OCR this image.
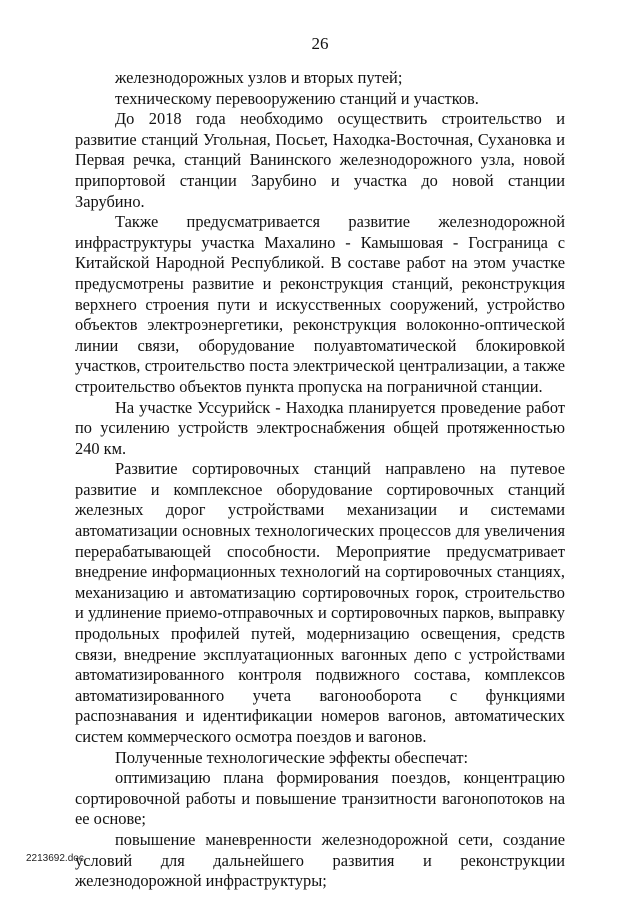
26

железнодорожных узлов и вторых путей;

техническому перевооружению станций и участков.

До 2018 года необходимо осуществить строительство и развитие станций Угольная, Посьет, Находка-Восточная, Сухановка и Первая речка, станций Ванинского железнодорожного узла, новой припортовой станции Зарубино и участка до новой станции Зарубино.

Также предусматривается развитие железнодорожной инфраструктуры участка Махалино - Камышовая - Госграница с Китайской Народной Республикой. В составе работ на этом участке предусмотрены развитие и реконструкция станций, реконструкция верхнего строения пути и искусственных сооружений, устройство объектов электроэнергетики, реконструкция волоконно-оптической линии связи, оборудование полуавтоматической блокировкой участков, строительство поста электрической централизации, а также строительство объектов пункта пропуска на пограничной станции.

На участке Уссурийск - Находка планируется проведение работ по усилению устройств электроснабжения общей протяженностью 240 км.

Развитие сортировочных станций направлено на путевое развитие и комплексное оборудование сортировочных станций железных дорог устройствами механизации и системами автоматизации основных технологических процессов для увеличения перерабатывающей способности. Мероприятие предусматривает внедрение информационных технологий на сортировочных станциях, механизацию и автоматизацию сортировочных горок, строительство и удлинение приемо-отправочных и сортировочных парков, выправку продольных профилей путей, модернизацию освещения, средств связи, внедрение эксплуатационных вагонных депо с устройствами автоматизированного контроля подвижного состава, комплексов автоматизированного учета вагонооборота с функциями распознавания и идентификации номеров вагонов, автоматических систем коммерческого осмотра поездов и вагонов.

Полученные технологические эффекты обеспечат:

оптимизацию плана формирования поездов, концентрацию сортировочной работы и повышение транзитности вагонопотоков на ее основе;

повышение маневренности железнодорожной сети, создание условий для дальнейшего развития и реконструкции железнодорожной инфраструктуры;

2213692.doc
